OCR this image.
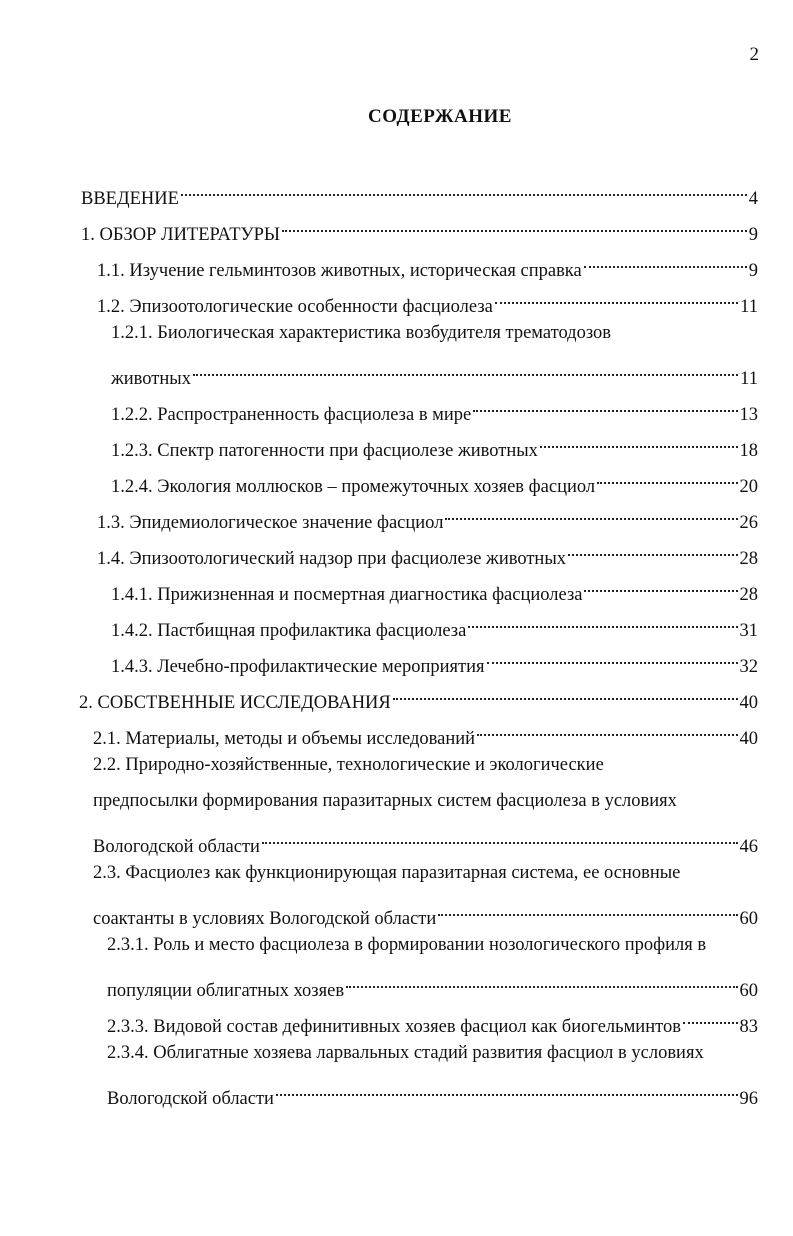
2
СОДЕРЖАНИЕ
ВВЕДЕНИЕ	4
1. ОБЗОР ЛИТЕРАТУРЫ	9
1.1. Изучение гельминтозов животных, историческая справка	9
1.2. Эпизоотологические особенности фасциолеза	11
1.2.1. Биологическая характеристика возбудителя трематодозов
животных	11
1.2.2. Распространенность фасциолеза в мире	13
1.2.3. Спектр патогенности при фасциолезе животных	18
1.2.4. Экология моллюсков – промежуточных хозяев фасциол	20
1.3. Эпидемиологическое значение фасциол	26
1.4. Эпизоотологический надзор при фасциолезе животных	28
1.4.1. Прижизненная и посмертная диагностика фасциолеза	28
1.4.2. Пастбищная профилактика фасциолеза	31
1.4.3. Лечебно-профилактические мероприятия	32
2. СОБСТВЕННЫЕ ИССЛЕДОВАНИЯ	40
2.1. Материалы, методы и объемы исследований	40
2.2. Природно-хозяйственные, технологические и экологические
предпосылки формирования паразитарных систем фасциолеза в условиях
Вологодской области	46
2.3. Фасциолез как функционирующая паразитарная система, ее основные
соактанты в условиях Вологодской области	60
2.3.1. Роль и место фасциолеза в формировании нозологического профиля в
популяции облигатных хозяев	60
2.3.3. Видовой состав дефинитивных хозяев фасциол как биогельминтов	83
2.3.4. Облигатные хозяева ларвальных стадий развития фасциол в условиях
Вологодской области	96
